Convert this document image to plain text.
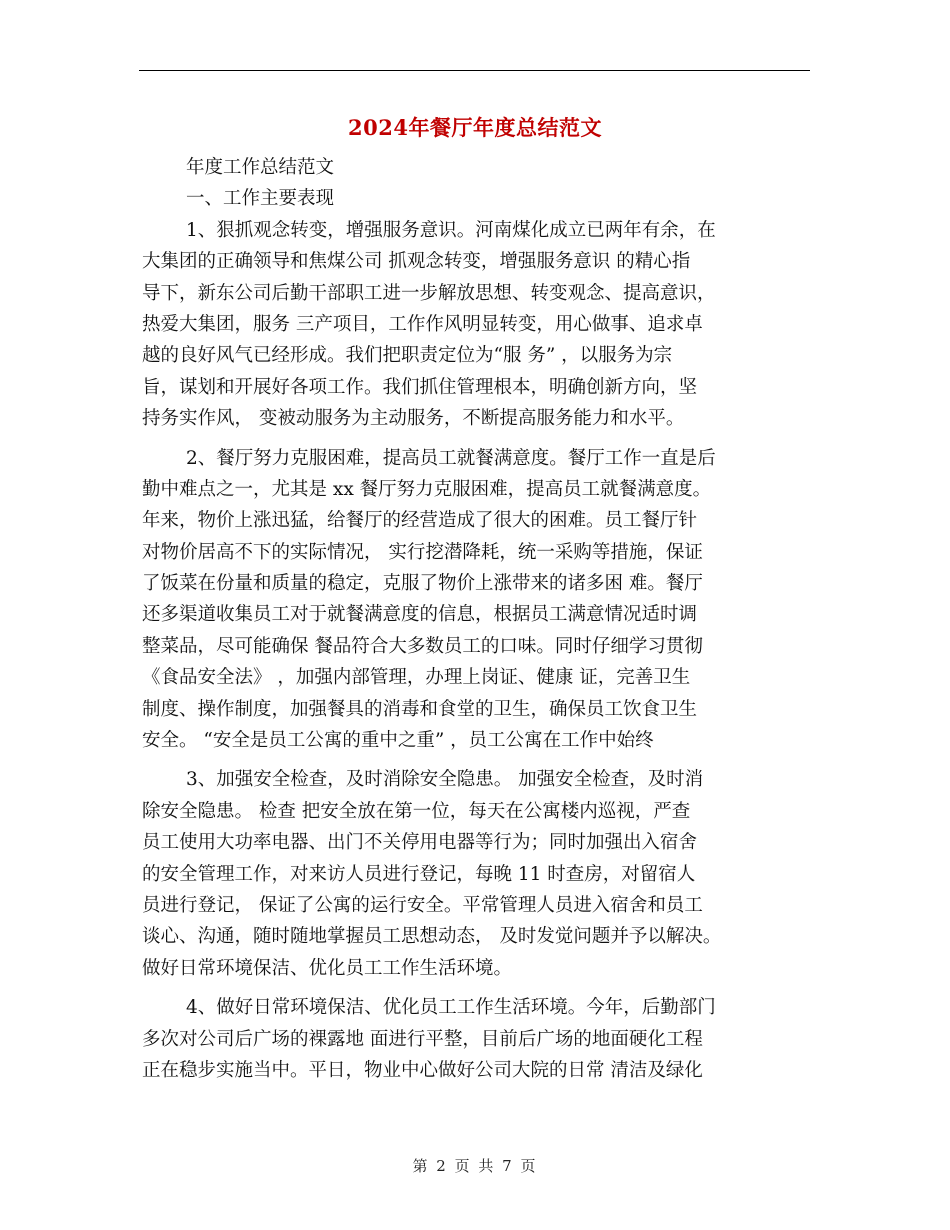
2024年餐厅年度总结范文
年度工作总结范文
一、工作主要表现
1、狠抓观念转变，增强服务意识。河南煤化成立已两年有余，在
大集团的正确领导和焦煤公司 抓观念转变，增强服务意识 的精心指
导下，新东公司后勤干部职工进一步解放思想、转变观念、提高意识，
热爱大集团，服务 三产项目，工作作风明显转变，用心做事、追求卓
越的良好风气已经形成。我们把职责定位为“服 务” ，以服务为宗
旨，谋划和开展好各项工作。我们抓住管理根本，明确创新方向，坚
持务实作风， 变被动服务为主动服务，不断提高服务能力和水平。
2、餐厅努力克服困难，提高员工就餐满意度。餐厅工作一直是后
勤中难点之一，尤其是 xx 餐厅努力克服困难，提高员工就餐满意度。
年来，物价上涨迅猛，给餐厅的经营造成了很大的困难。员工餐厅针
对物价居高不下的实际情况， 实行挖潜降耗，统一采购等措施，保证
了饭菜在份量和质量的稳定，克服了物价上涨带来的诸多困 难。餐厅
还多渠道收集员工对于就餐满意度的信息，根据员工满意情况适时调
整菜品，尽可能确保 餐品符合大多数员工的口味。同时仔细学习贯彻
《食品安全法》 ，加强内部管理，办理上岗证、健康 证，完善卫生
制度、操作制度，加强餐具的消毒和食堂的卫生，确保员工饮食卫生
安全。 “安全是员工公寓的重中之重” ，员工公寓在工作中始终
3、加强安全检查，及时消除安全隐患。 加强安全检查，及时消
除安全隐患。 检查 把安全放在第一位，每天在公寓楼内巡视，严查
员工使用大功率电器、出门不关停用电器等行为；同时加强出入宿舍
的安全管理工作，对来访人员进行登记，每晚 11 时查房，对留宿人
员进行登记， 保证了公寓的运行安全。平常管理人员进入宿舍和员工
谈心、沟通，随时随地掌握员工思想动态， 及时发觉问题并予以解决。
做好日常环境保洁、优化员工工作生活环境。
4、做好日常环境保洁、优化员工工作生活环境。今年，后勤部门
多次对公司后广场的裸露地 面进行平整，目前后广场的地面硬化工程
正在稳步实施当中。平日，物业中心做好公司大院的日常 清洁及绿化
第 2 页 共 7 页
